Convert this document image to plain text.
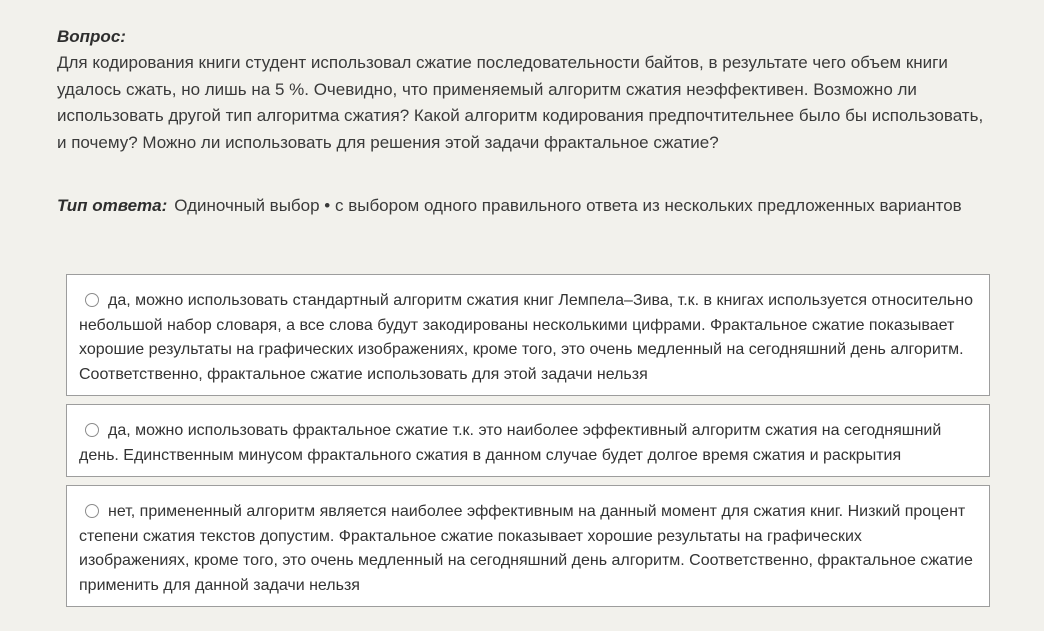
Вопрос:
Для кодирования книги студент использовал сжатие последовательности байтов, в результате чего объем книги удалось сжать, но лишь на 5 %. Очевидно, что применяемый алгоритм сжатия неэффективен. Возможно ли использовать другой тип алгоритма сжатия? Какой алгоритм кодирования предпочтительнее было бы использовать, и почему? Можно ли использовать для решения этой задачи фрактальное сжатие?
Тип ответа: Одиночный выбор • с выбором одного правильного ответа из нескольких предложенных вариантов
да, можно использовать стандартный алгоритм сжатия книг Лемпела–Зива, т.к. в книгах используется относительно небольшой набор словаря, а все слова будут закодированы несколькими цифрами. Фрактальное сжатие показывает хорошие результаты на графических изображениях, кроме того, это очень медленный на сегодняшний день алгоритм. Соответственно, фрактальное сжатие использовать для этой задачи нельзя
да, можно использовать фрактальное сжатие т.к. это наиболее эффективный алгоритм сжатия на сегодняшний день. Единственным минусом фрактального сжатия в данном случае будет долгое время сжатия и раскрытия
нет, примененный алгоритм является наиболее эффективным на данный момент для сжатия книг. Низкий процент степени сжатия текстов допустим. Фрактальное сжатие показывает хорошие результаты на графических изображениях, кроме того, это очень медленный на сегодняшний день алгоритм. Соответственно, фрактальное сжатие применить для данной задачи нельзя
